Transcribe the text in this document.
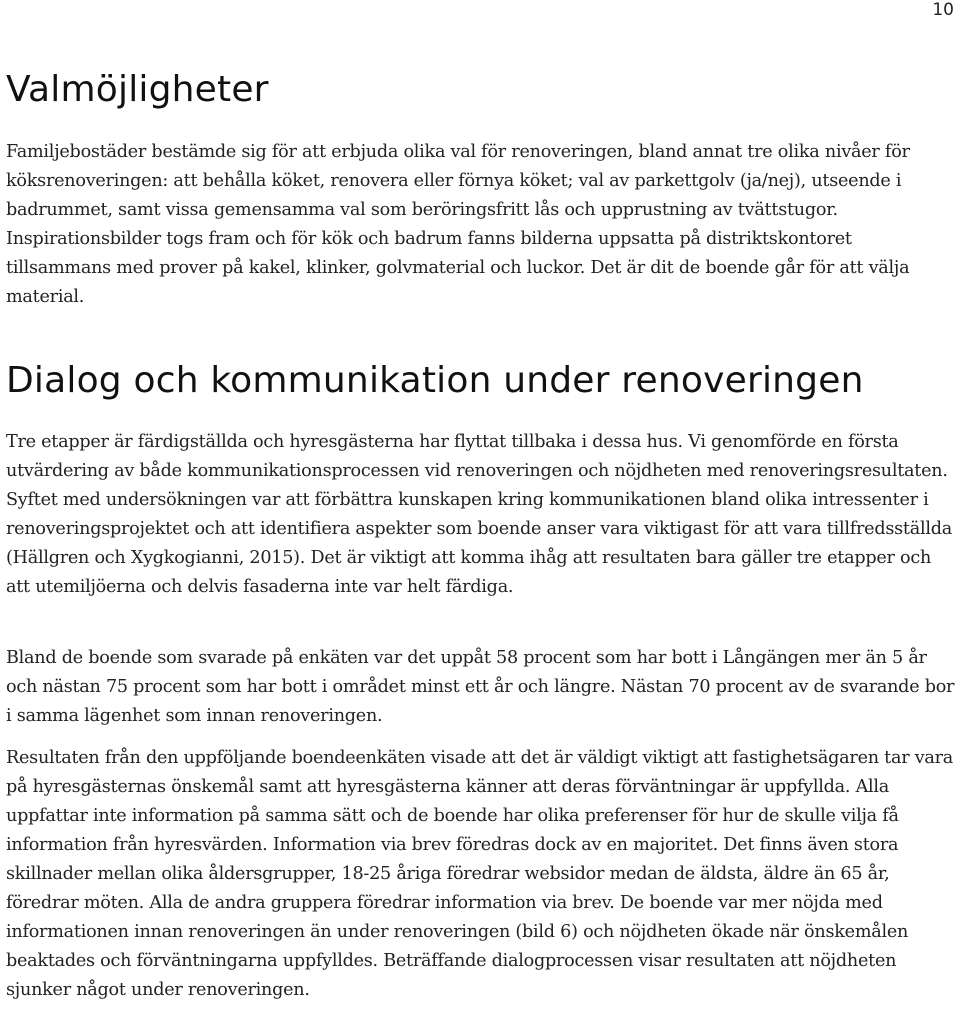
10
Valmöjligheter

Familjebostäder bestämde sig för att erbjuda olika val för renoveringen, bland annat tre olika nivåer för köksrenoveringen: att behålla köket, renovera eller förnya köket; val av parkettgolv (ja/nej), utseende i badrummet, samt vissa gemensamma val som beröringsfritt lås och upprustning av tvättstugor. Inspirationsbilder togs fram och för kök och badrum fanns bilderna uppsatta på distriktskontoret tillsammans med prover på kakel, klinker, golvmaterial och luckor. Det är dit de boende går för att välja material.

Dialog och kommunikation under renoveringen

Tre etapper är färdigställda och hyresgästerna har flyttat tillbaka i dessa hus. Vi genomförde en första utvärdering av både kommunikationsprocessen vid renoveringen och nöjdheten med renoveringsresultaten. Syftet med undersökningen var att förbättra kunskapen kring kommunikationen bland olika intressenter i renoveringsprojektet och att identifiera aspekter som boende anser vara viktigast för att vara tillfredsställda (Hällgren och Xygkogianni, 2015). Det är viktigt att komma ihåg att resultaten bara gäller tre etapper och att utemiljöerna och delvis fasaderna inte var helt färdiga.

Bland de boende som svarade på enkäten var det uppåt 58 procent som har bott i Långängen mer än 5 år och nästan 75 procent som har bott i området minst ett år och längre. Nästan 70 procent av de svarande bor i samma lägenhet som innan renoveringen.

Resultaten från den uppföljande boendeenkäten visade att det är väldigt viktigt att fastighetsägaren tar vara på hyresgästernas önskemål samt att hyresgästerna känner att deras förväntningar är uppfyllda. Alla uppfattar inte information på samma sätt och de boende har olika preferenser för hur de skulle vilja få information från hyresvärden. Information via brev föredras dock av en majoritet. Det finns även stora skillnader mellan olika åldersgrupper, 18-25 åriga föredrar websidor medan de äldsta, äldre än 65 år, föredrar möten. Alla de andra gruppera föredrar information via brev. De boende var mer nöjda med informationen innan renoveringen än under renoveringen (bild 6) och nöjdheten ökade när önskemålen beaktades och förväntningarna uppfylldes. Beträffande dialogprocessen visar resultaten att nöjdheten sjunker något under renoveringen.
